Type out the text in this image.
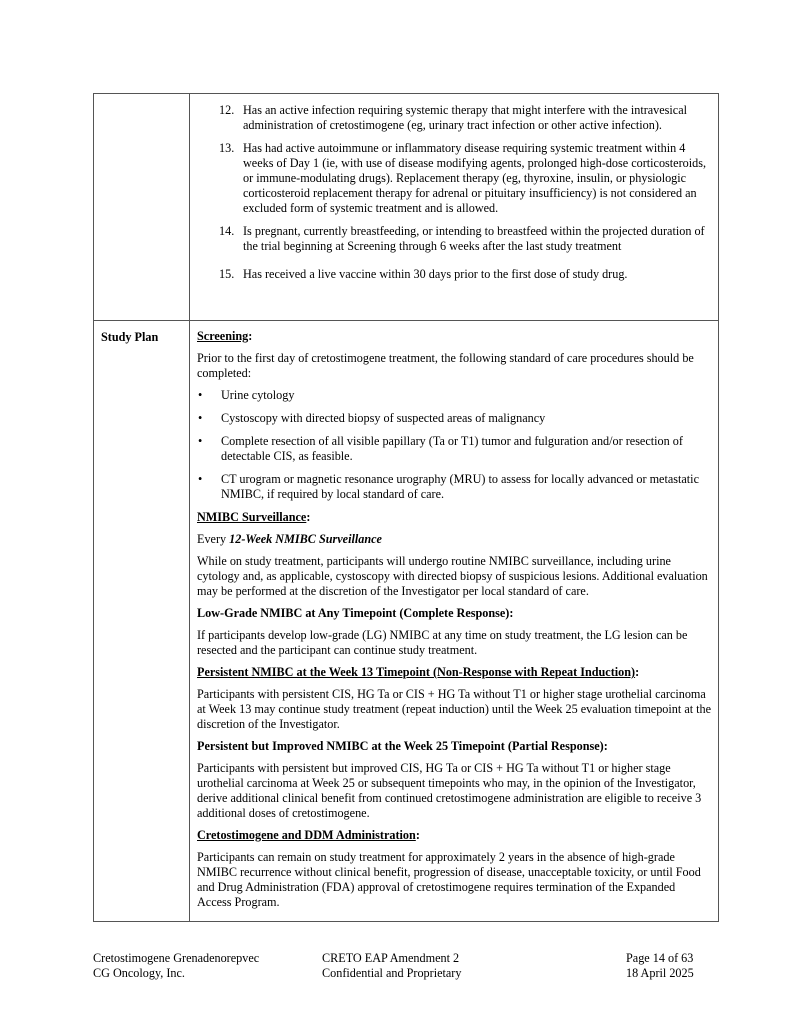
12. Has an active infection requiring systemic therapy that might interfere with the intravesical administration of cretostimogene (eg, urinary tract infection or other active infection).
13. Has had active autoimmune or inflammatory disease requiring systemic treatment within 4 weeks of Day 1 (ie, with use of disease modifying agents, prolonged high-dose corticosteroids, or immune-modulating drugs). Replacement therapy (eg, thyroxine, insulin, or physiologic corticosteroid replacement therapy for adrenal or pituitary insufficiency) is not considered an excluded form of systemic treatment and is allowed.
14. Is pregnant, currently breastfeeding, or intending to breastfeed within the projected duration of the trial beginning at Screening through 6 weeks after the last study treatment
15. Has received a live vaccine within 30 days prior to the first dose of study drug.
Study Plan	Screening:

Prior to the first day of cretostimogene treatment, the following standard of care procedures should be completed:

•	Urine cytology
•	Cystoscopy with directed biopsy of suspected areas of malignancy
•	Complete resection of all visible papillary (Ta or T1) tumor and fulguration and/or resection of detectable CIS, as feasible.
•	CT urogram or magnetic resonance urography (MRU) to assess for locally advanced or metastatic NMIBC, if required by local standard of care.
NMIBC Surveillance:

Every 12-Week NMIBC Surveillance

While on study treatment, participants will undergo routine NMIBC surveillance, including urine cytology and, as applicable, cystoscopy with directed biopsy of suspicious lesions. Additional evaluation may be performed at the discretion of the Investigator per local standard of care.

Low-Grade NMIBC at Any Timepoint (Complete Response):

If participants develop low-grade (LG) NMIBC at any time on study treatment, the LG lesion can be resected and the participant can continue study treatment.

Persistent NMIBC at the Week 13 Timepoint (Non-Response with Repeat Induction):

Participants with persistent CIS, HG Ta or CIS + HG Ta without T1 or higher stage urothelial carcinoma at Week 13 may continue study treatment (repeat induction) until the Week 25 evaluation timepoint at the discretion of the Investigator.

Persistent but Improved NMIBC at the Week 25 Timepoint (Partial Response):

Participants with persistent but improved CIS, HG Ta or CIS + HG Ta without T1 or higher stage urothelial carcinoma at Week 25 or subsequent timepoints who may, in the opinion of the Investigator, derive additional clinical benefit from continued cretostimogene administration are eligible to receive 3 additional doses of cretostimogene.

Cretostimogene and DDM Administration:

Participants can remain on study treatment for approximately 2 years in the absence of high-grade NMIBC recurrence without clinical benefit, progression of disease, unacceptable toxicity, or until Food and Drug Administration (FDA) approval of cretostimogene requires termination of the Expanded Access Program.

Cretostimogene Grenadenorepvec
CG Oncology, Inc.
CRETO EAP Amendment 2
Confidential and Proprietary
Page 14 of 63
18 April 2025
